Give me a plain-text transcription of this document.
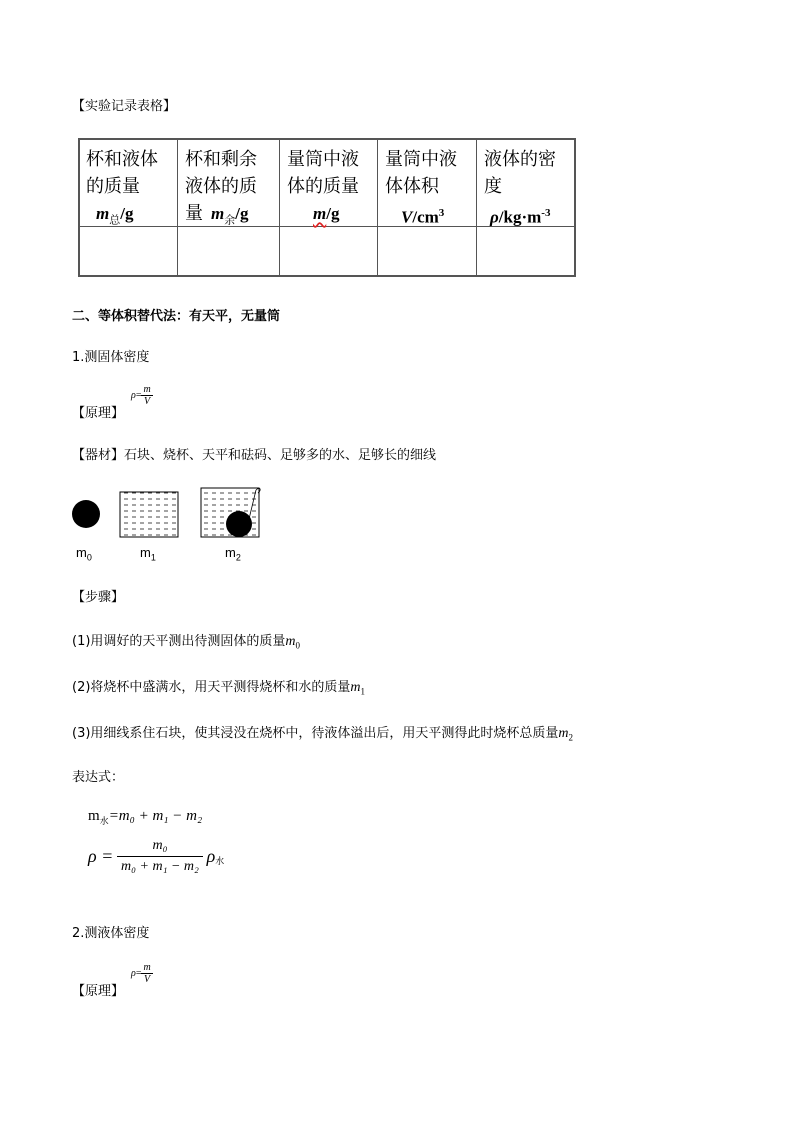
【实验记录表格】
杯和液体
的质量
$m_总/g$
杯和剩余
液体的质
量 $m_余/g$
量筒中液
体的质量
m/g
量筒中液
体体积
$V/cm^3$
液体的密
度
$\rho/kg\cdot m^{-3}$
二、等体积替代法：有天平，无量筒
1.测固体密度
【原理】
$\rho= \frac{m}{V}$
【器材】石块、烧杯、天平和砝码、足够多的水、足够长的细线
$m_0$	$m_1$	$m_2$
【步骤】
(1)用调好的天平测出待测固体的质量$m_0$
(2)将烧杯中盛满水，用天平测得烧杯和水的质量$m_1$
(3)用细线系住石块，使其浸没在烧杯中，待液体溢出后，用天平测得此时烧杯总质量$m_2$
表达式：
$m_水=m_0 + m_1 - m_2$
$\rho = \frac{\text{m₀}}{\text{m₀ + m₁ − m₂}} \rho_水$
2.测液体密度
【原理】
$\rho= \frac{m}{V}$
